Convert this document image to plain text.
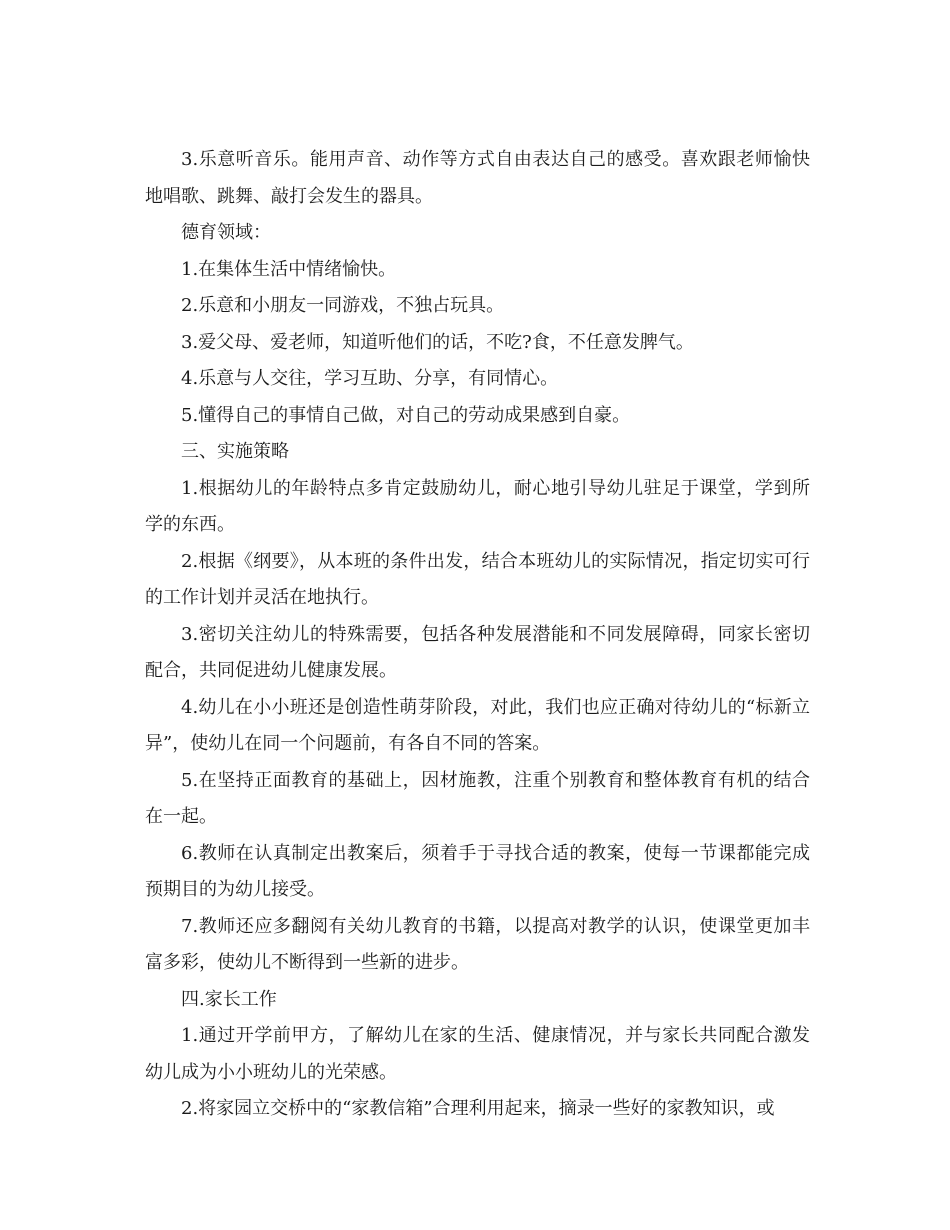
3.乐意听音乐。能用声音、动作等方式自由表达自己的感受。喜欢跟老师愉快地唱歌、跳舞、敲打会发生的器具。

德育领域：

1.在集体生活中情绪愉快。

2.乐意和小朋友一同游戏，不独占玩具。

3.爱父母、爱老师，知道听他们的话，不吃?食，不任意发脾气。

4.乐意与人交往，学习互助、分享，有同情心。

5.懂得自己的事情自己做，对自己的劳动成果感到自豪。

三、实施策略

1.根据幼儿的年龄特点多肯定鼓励幼儿，耐心地引导幼儿驻足于课堂，学到所学的东西。

2.根据《纲要》，从本班的条件出发，结合本班幼儿的实际情况，指定切实可行的工作计划并灵活在地执行。

3.密切关注幼儿的特殊需要，包括各种发展潜能和不同发展障碍，同家长密切配合，共同促进幼儿健康发展。

4.幼儿在小小班还是创造性萌芽阶段，对此，我们也应正确对待幼儿的“标新立异”，使幼儿在同一个问题前，有各自不同的答案。

5.在坚持正面教育的基础上，因材施教，注重个别教育和整体教育有机的结合在一起。

6.教师在认真制定出教案后，须着手于寻找合适的教案，使每一节课都能完成预期目的为幼儿接受。

7.教师还应多翻阅有关幼儿教育的书籍，以提高对教学的认识，使课堂更加丰富多彩，使幼儿不断得到一些新的进步。

四.家长工作

1.通过开学前甲方，了解幼儿在家的生活、健康情况，并与家长共同配合激发幼儿成为小小班幼儿的光荣感。

2.将家园立交桥中的“家教信箱”合理利用起来，摘录一些好的家教知识，或
